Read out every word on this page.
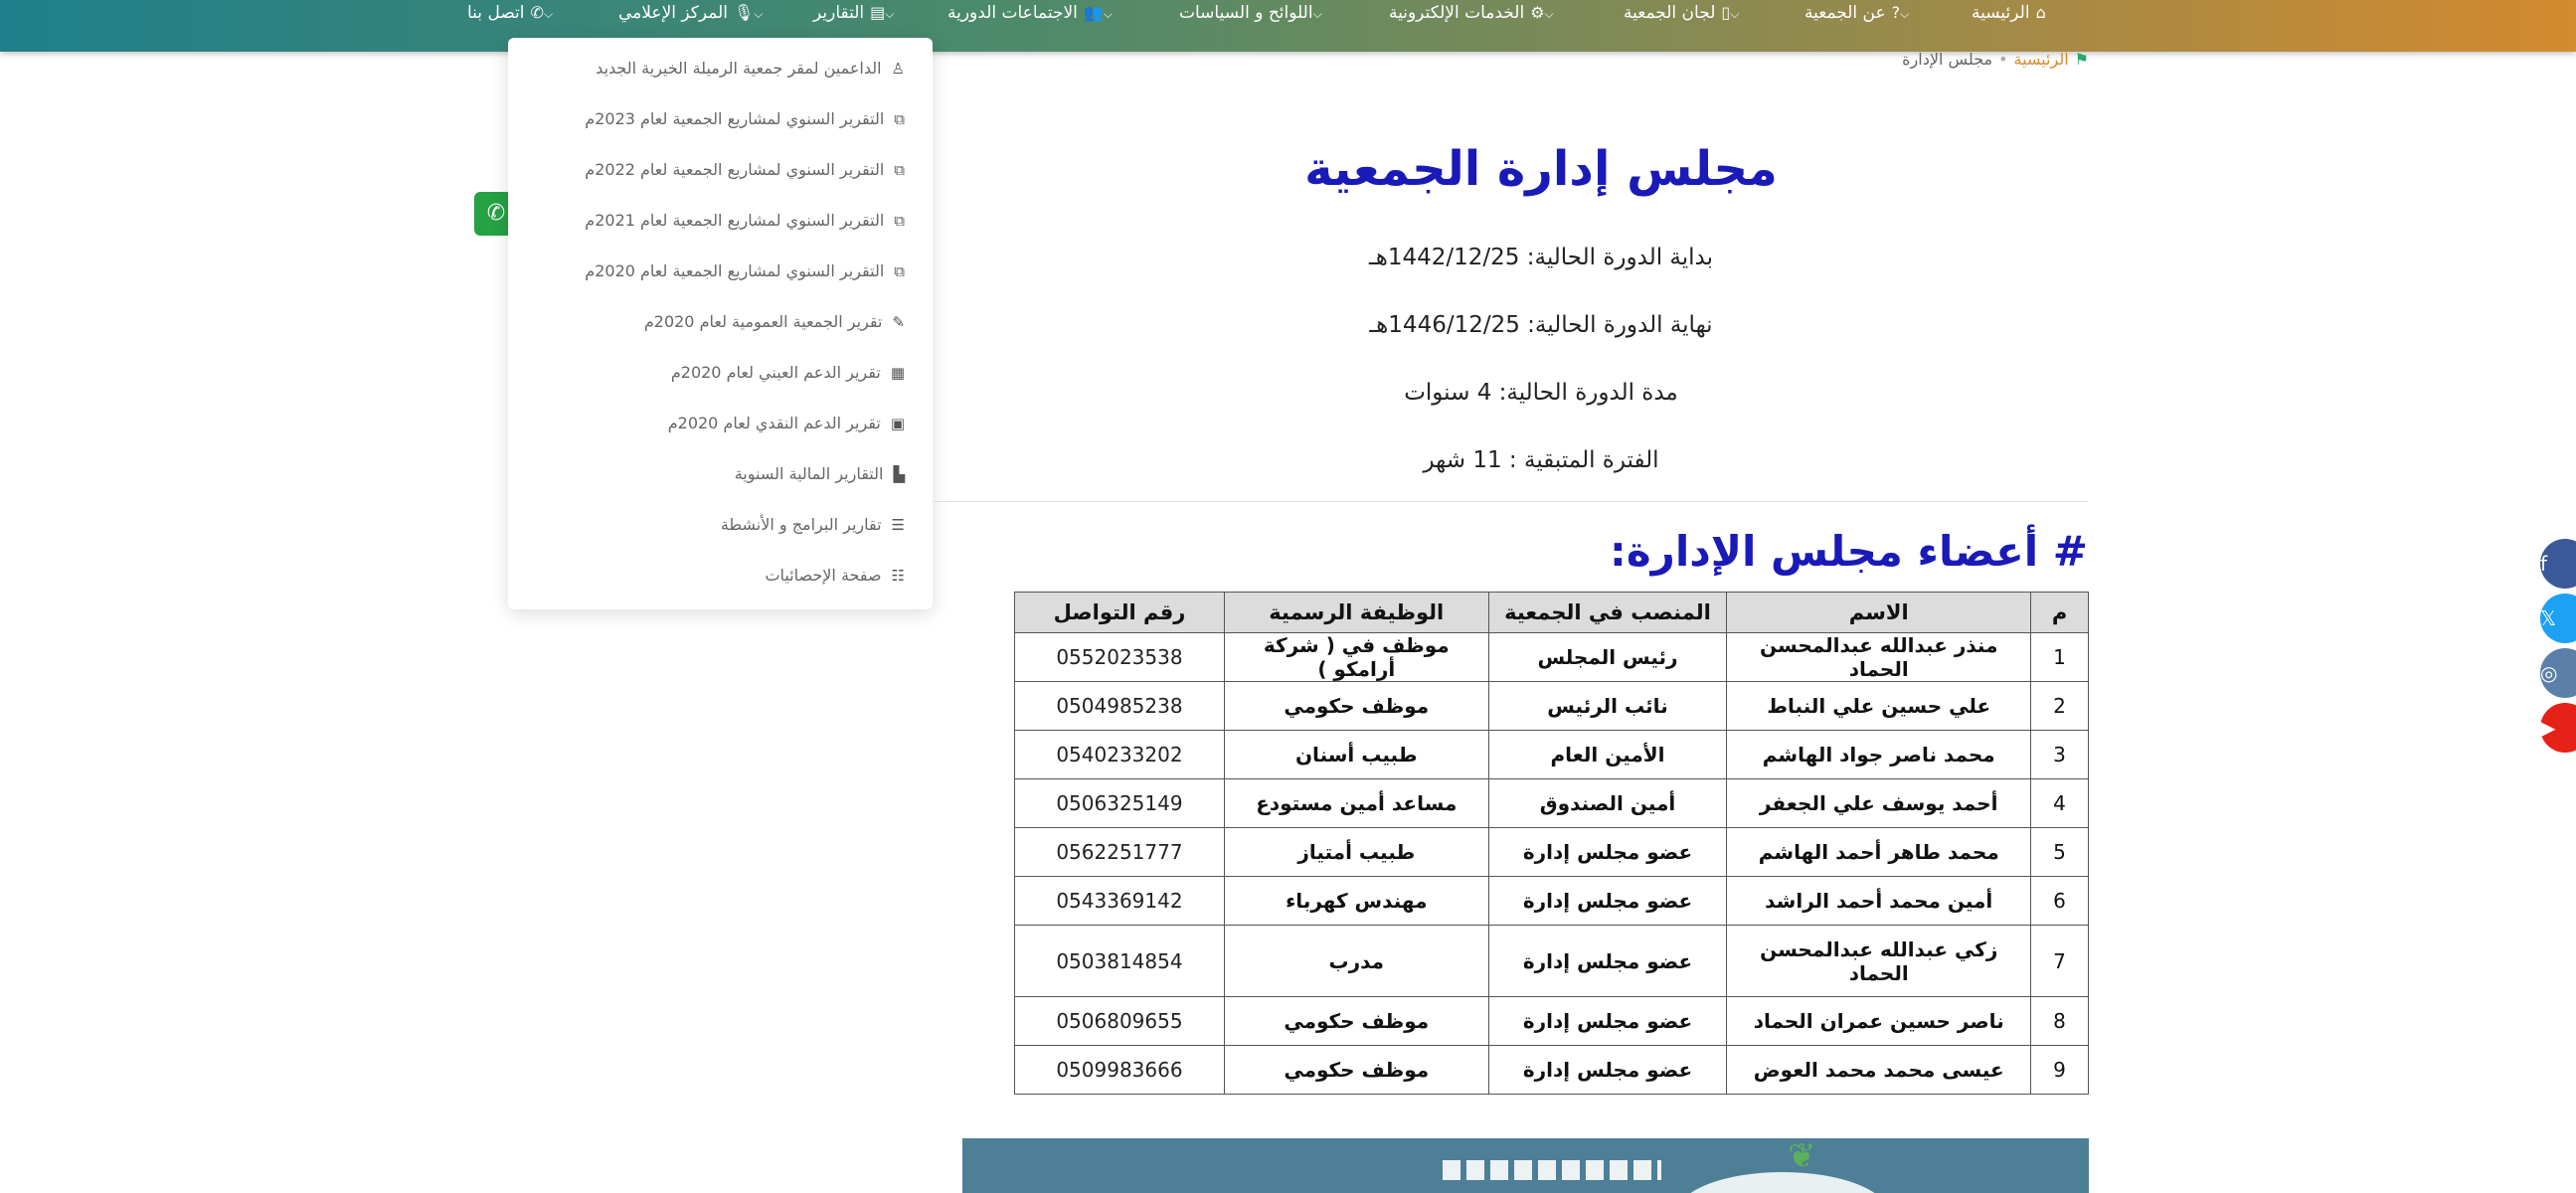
⌂الرئيسية
⌵?عن الجمعية
⌵▯لجان الجمعية
⌵⚙الخدمات الإلكترونية
⌵اللوائح و السياسات
⌵👥الاجتماعات الدورية
⌵▤التقارير
⌵🎙المركز الإعلامي
⌵✆اتصل بنا
⚑الرئيسية•مجلس الإدارة
✆
♙الداعمين لمقر جمعية الرميلة الخيرية الجديد
⧉التقرير السنوي لمشاريع الجمعية لعام 2023م
⧉التقرير السنوي لمشاريع الجمعية لعام 2022م
⧉التقرير السنوي لمشاريع الجمعية لعام 2021م
⧉التقرير السنوي لمشاريع الجمعية لعام 2020م
✎تقرير الجمعية العمومية لعام 2020م
▦تقرير الدعم العيني لعام 2020م
▣تقرير الدعم النقدي لعام 2020م
▙التقارير المالية السنوية
☰تقارير البرامج و الأنشطة
☷صفحة الإحصائيات
مجلس إدارة الجمعية
بداية الدورة الحالية: 1442/12/25هـ
نهاية الدورة الحالية: 1446/12/25هـ
مدة الدورة الحالية: 4 سنوات
الفترة المتبقية : 11 شهر
# أعضاء مجلس الإدارة:
م	الاسم	المنصب في الجمعية	الوظيفة الرسمية	رقم التواصل
1	منذر عبدالله عبدالمحسن الحماد	رئيس المجلس	موظف في ( شركة أرامكو )	0552023538
2	علي حسين علي النباط	نائب الرئيس	موظف حكومي	0504985238
3	محمد ناصر جواد الهاشم	الأمين العام	طبيب أسنان	0540233202
4	أحمد يوسف علي الجعفر	أمين الصندوق	مساعد أمين مستودع	0506325149
5	محمد طاهر أحمد الهاشم	عضو مجلس إدارة	طبيب أمتياز	0562251777
6	أمين محمد أحمد الراشد	عضو مجلس إدارة	مهندس كهرباء	0543369142
7	زكي عبدالله عبدالمحسن الحماد	عضو مجلس إدارة	مدرب	0503814854
8	ناصر حسين عمران الحماد	عضو مجلس إدارة	موظف حكومي	0506809655
9	عيسى محمد محمد العوض	عضو مجلس إدارة	موظف حكومي	0509983666
❦
f
𝕏
◎
▶
